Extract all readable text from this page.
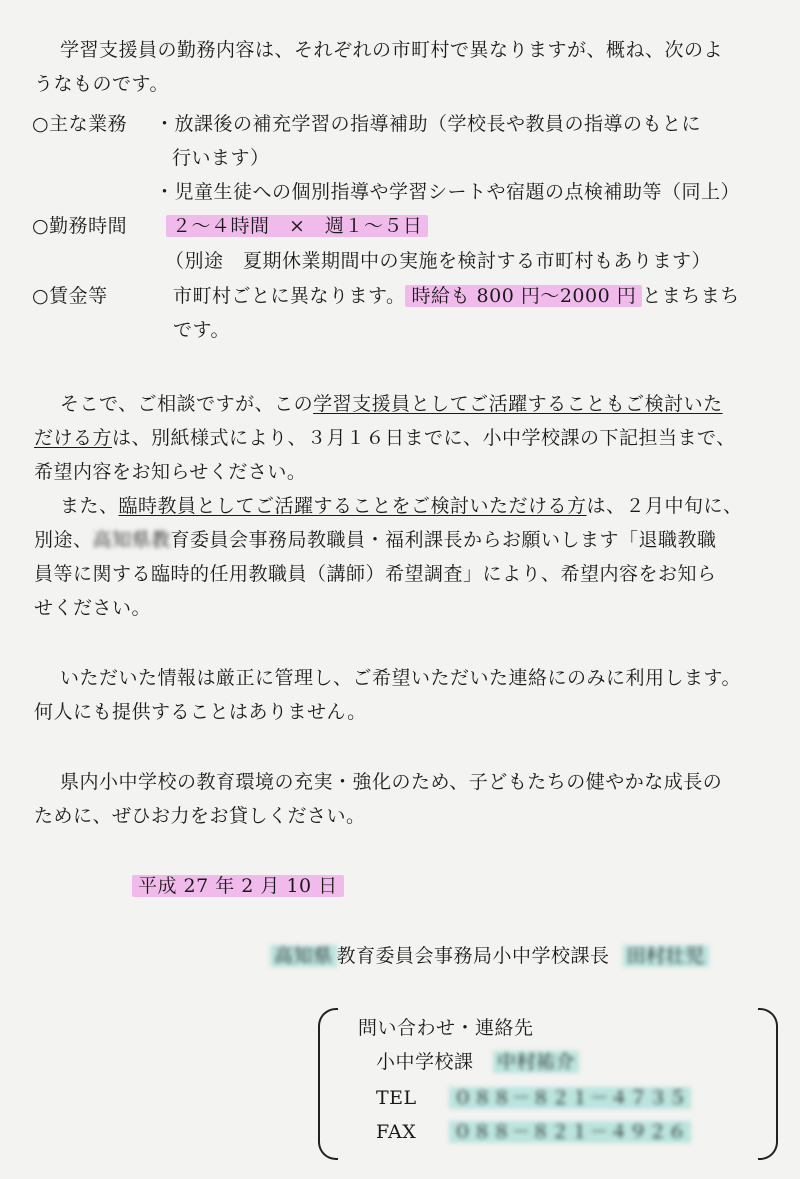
学習支援員の勤務内容は、それぞれの市町村で異なりますが、概ね、次のよ
うなものです。
○主な業務 ・放課後の補充学習の指導補助（学校長や教員の指導のもとに
行います）
・児童生徒への個別指導や学習シートや宿題の点検補助等（同上）
○勤務時間	２～４時間　×　週１～５日
（別途　夏期休業期間中の実施を検討する市町村もあります）
○賃金等	市町村ごとに異なります。 時給も 800 円～2000 円 とまちまち
です。
そこで、ご相談ですが、この学習支援員としてご活躍することもご検討いた
だける方は、別紙様式により、３月１６日までに、小中学校課の下記担当まで、
希望内容をお知らせください。
また、臨時教員としてご活躍することをご検討いただける方は、２月中旬に、
別途、高知県教育委員会事務局教職員・福利課長からお願いします「退職教職
員等に関する臨時的任用教職員（講師）希望調査」により、希望内容をお知ら
せください。
いただいた情報は厳正に管理し、ご希望いただいた連絡にのみに利用します。
何人にも提供することはありません。
県内小中学校の教育環境の充実・強化のため、子どもたちの健やかな成長の
ために、ぜひお力をお貸しください。
平成 27 年 2 月 10 日
高知県 教育委員会事務局小中学校課長 田村壮児
問い合わせ・連絡先
小中学校課 中村祐介
TEL ０８８－８２１－４７３５
FAX ０８８－８２１－４９２６
